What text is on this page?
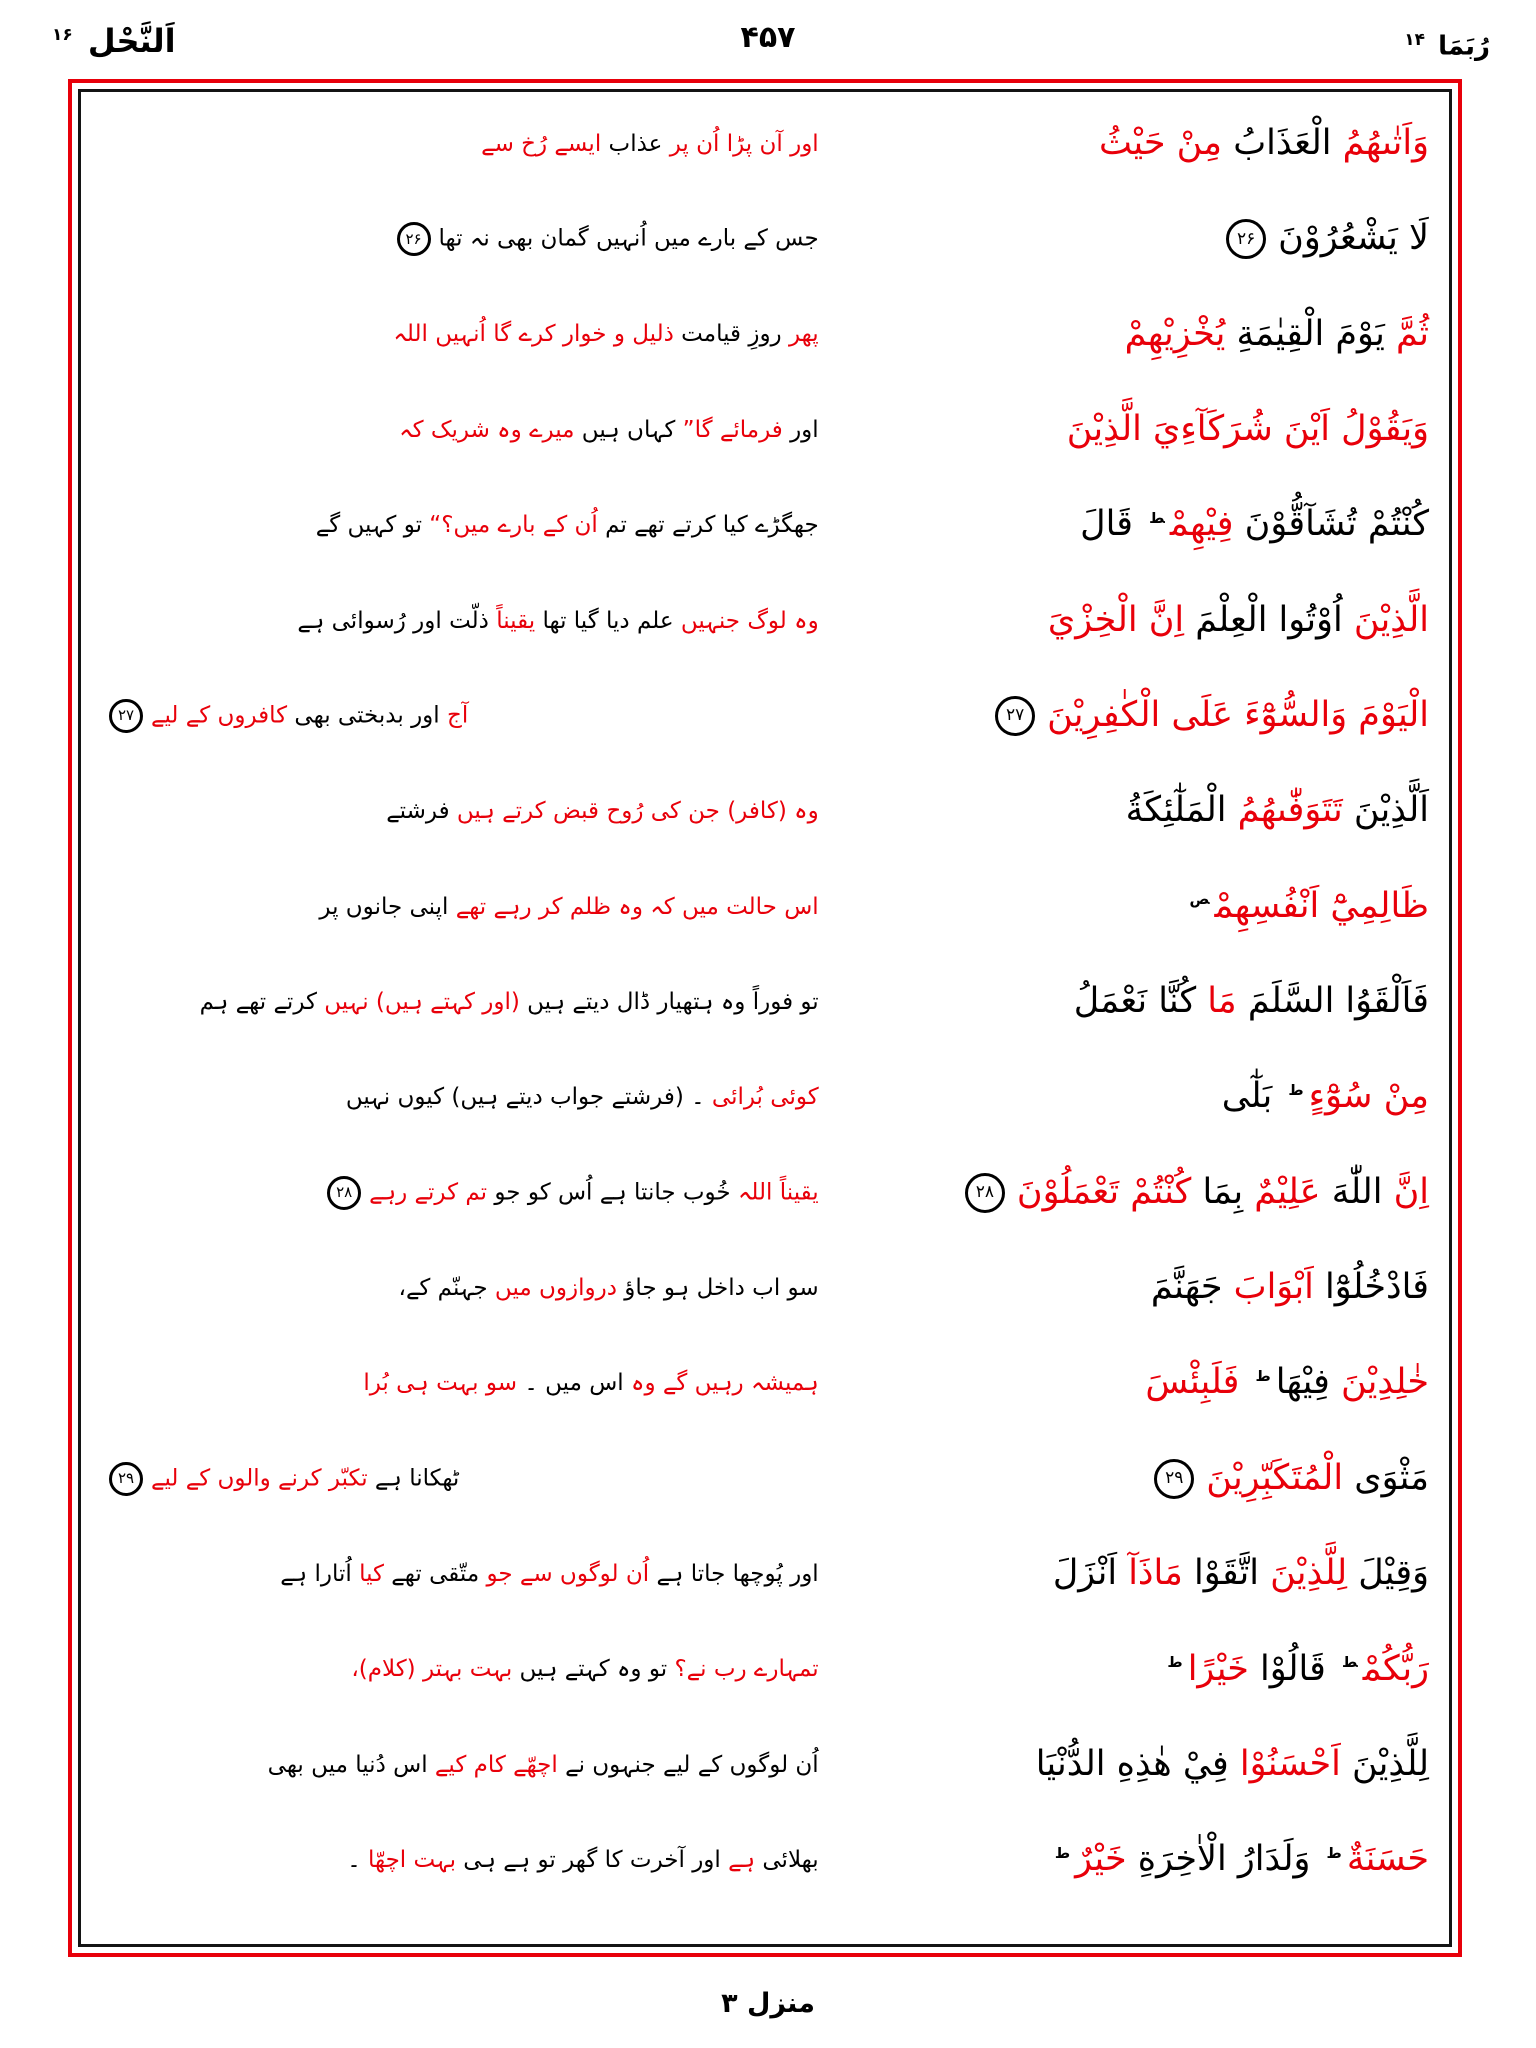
اَلنَّحْل $^{۱۶}$	۴۵۷	رُبَمَا $^{۱۴}$
وَاَتٰىهُمُ الْعَذَابُ مِنْ حَيْثُ
اور آن پڑا اُن پر عذاب ایسے رُخ سے
لَا يَشْعُرُوْنَ۲۶
جس کے بارے میں اُنہیں گمان بھی نہ تھا۲۶
ثُمَّ يَوْمَ الْقِيٰمَةِ يُخْزِيْهِمْ
پھر روزِ قیامت ذلیل و خوار کرے گا اُنہیں اللہ
وَيَقُوْلُ اَيْنَ شُرَكَآءِيَ الَّذِيْنَ
اور فرمائے گا” کہاں ہیں میرے وہ شریک کہ
كُنْتُمْ تُشَآقُّوْنَ فِيْهِمْ$^ط$ قَالَ
جھگڑے کیا کرتے تھے تم اُن کے بارے میں؟“ تو کہیں گے
الَّذِيْنَ اُوْتُوا الْعِلْمَ اِنَّ الْخِزْيَ
وہ لوگ جنہیں علم دیا گیا تھا یقیناً ذلّت اور رُسوائی ہے
الْيَوْمَ وَالسُّوْٓءَ عَلَى الْكٰفِرِيْنَ۲۷
آج اور بدبختی بھی کافروں کے لیے۲۷
اَلَّذِيْنَ تَتَوَفّٰىهُمُ الْمَلٰٓئِكَةُ
وہ (کافر) جن کی رُوح قبض کرتے ہیں فرشتے
ظَالِمِيْٓ اَنْفُسِهِمْ$^ص$
اس حالت میں کہ وہ ظلم کر رہے تھے اپنی جانوں پر
فَاَلْقَوُا السَّلَمَ مَا كُنَّا نَعْمَلُ
تو فوراً وہ ہتھیار ڈال دیتے ہیں (اور کہتے ہیں) نہیں کرتے تھے ہم
مِنْ سُوْٓءٍ$^ط$ بَلٰٓى
کوئی بُرائی ۔ (فرشتے جواب دیتے ہیں) کیوں نہیں
اِنَّ اللّٰهَ عَلِيْمٌ بِمَا كُنْتُمْ تَعْمَلُوْنَ۲۸
یقیناً اللہ خُوب جانتا ہے اُس کو جو تم کرتے رہے۲۸
فَادْخُلُوْٓا اَبْوَابَ جَهَنَّمَ
سو اب داخل ہو جاؤ دروازوں میں جہنّم کے،
خٰلِدِيْنَ فِيْهَا$^ط$ فَلَبِئْسَ
ہمیشہ رہیں گے وہ اس میں ۔ سو بہت ہی بُرا
مَثْوَى الْمُتَكَبِّرِيْنَ۲۹
ٹھکانا ہے تکبّر کرنے والوں کے لیے۲۹
وَقِيْلَ لِلَّذِيْنَ اتَّقَوْا مَاذَآ اَنْزَلَ
اور پُوچھا جاتا ہے اُن لوگوں سے جو متّقی تھے کیا اُتارا ہے
رَبُّكُمْ$^ط$ قَالُوْا خَيْرًا$^ط$
تمہارے رب نے؟ تو وہ کہتے ہیں بہت بہتر (کلام)،
لِلَّذِيْنَ اَحْسَنُوْا فِيْ هٰذِهِ الدُّنْيَا
اُن لوگوں کے لیے جنہوں نے اچھّے کام کیے اس دُنیا میں بھی
حَسَنَةٌ$^ط$ وَلَدَارُ الْاٰخِرَةِ خَيْرٌ$^ط$
بھلائی ہے اور آخرت کا گھر تو ہے ہی بہت اچھّا ۔
منزل ۳
